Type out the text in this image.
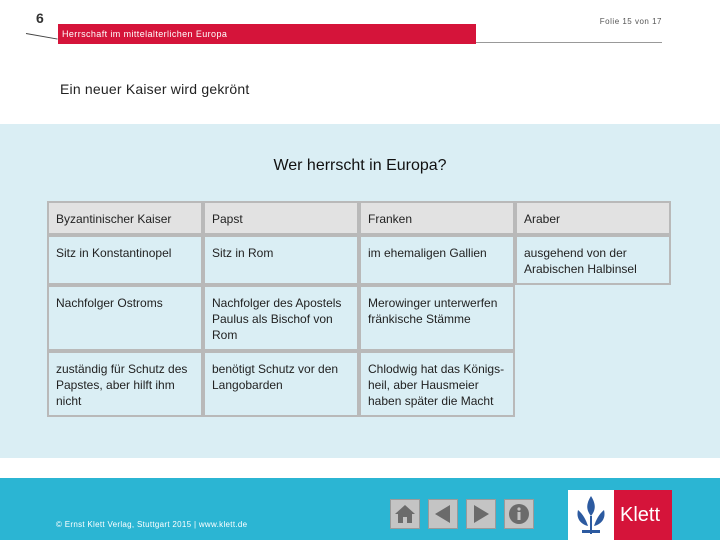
6	Folie 15 von 17
Herrschaft im mittelalterlichen Europa
Ein neuer Kaiser wird gekrönt
Wer herrscht in Europa?
Byzantinischer Kaiser	Papst	Franken	Araber
Sitz in Konstantinopel	Sitz in Rom	im ehemaligen Gallien	ausgehend von der Arabischen Halbinsel
Nachfolger Ostroms	Nachfolger des Apostels Paulus als Bischof von Rom	Merowinger unterwerfen fränkische Stämme	
zuständig für Schutz des Papstes, aber hilft ihm nicht	benötigt Schutz vor den Langobarden	Chlodwig hat das Königs-heil, aber Hausmeier haben später die Macht	
© Ernst Klett Verlag, Stuttgart 2015 | www.klett.de	Klett
